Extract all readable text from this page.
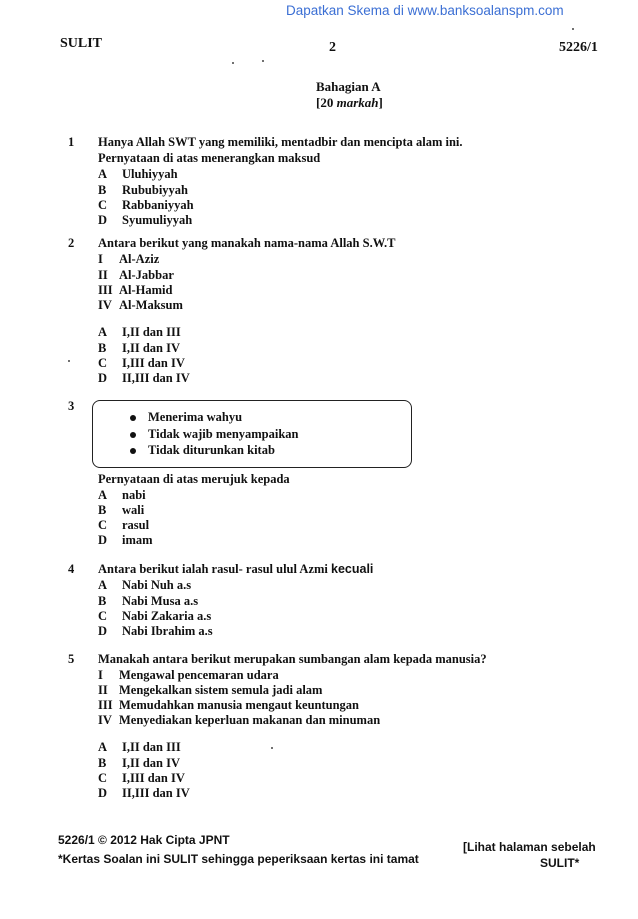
Dapatkan Skema di www.banksoalanspm.com
SULIT	2	5226/1
Bahagian A
[20 markah]
1 Hanya Allah SWT yang memiliki, mentadbir dan mencipta alam ini.
Pernyataan di atas menerangkan maksud
A Uluhiyyah
B Rububiyyah
C Rabbaniyyah
D Syumuliyyah
2 Antara berikut yang manakah nama-nama Allah S.W.T
I Al-Aziz
II Al-Jabbar
III Al-Hamid
IV Al-Maksum
A I,II dan III
B I,II dan IV
C I,III dan IV
D II,III dan IV
3
Menerima wahyu
Tidak wajib menyampaikan
Tidak diturunkan kitab
Pernyataan di atas merujuk kepada
A nabi
B wali
C rasul
D imam
4 Antara berikut ialah rasul- rasul ulul Azmi kecuali
A Nabi Nuh a.s
B Nabi Musa a.s
C Nabi Zakaria a.s
D Nabi Ibrahim a.s
5 Manakah antara berikut merupakan sumbangan alam kepada manusia?
I Mengawal pencemaran udara
II Mengekalkan sistem semula jadi alam
III Memudahkan manusia mengaut keuntungan
IV Menyediakan keperluan makanan dan minuman
A I,II dan III
B I,II dan IV
C I,III dan IV
D II,III dan IV
5226/1 © 2012 Hak Cipta JPNT
*Kertas Soalan ini SULIT sehingga peperiksaan kertas ini tamat
[Lihat halaman sebelah
SULIT*
